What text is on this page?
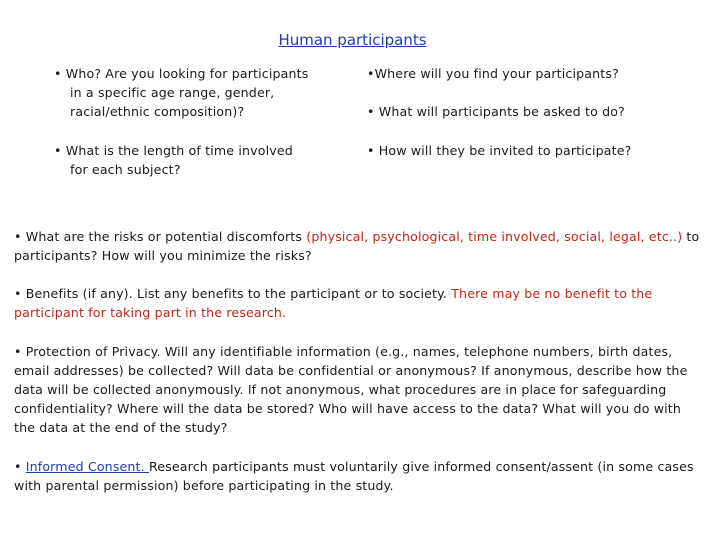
Human participants
• Who? Are you looking for participants
in a specific age range, gender,
racial/ethnic composition)?
• What is the length of time involved
for each subject?
•Where will you find your participants?
• What will participants be asked to do?
• How will they be invited to participate?
• What are the risks or potential discomforts (physical, psychological, time involved, social, legal, etc..) to participants? How will you minimize the risks?
• Benefits (if any). List any benefits to the participant or to society. There may be no benefit to the participant for taking part in the research.
• Protection of Privacy. Will any identifiable information (e.g., names, telephone numbers, birth dates, email addresses) be collected? Will data be confidential or anonymous? If anonymous, describe how the data will be collected anonymously. If not anonymous, what procedures are in place for safeguarding confidentiality? Where will the data be stored? Who will have access to the data? What will you do with the data at the end of the study?
• Informed Consent. Research participants must voluntarily give informed consent/assent (in some cases with parental permission) before participating in the study.
